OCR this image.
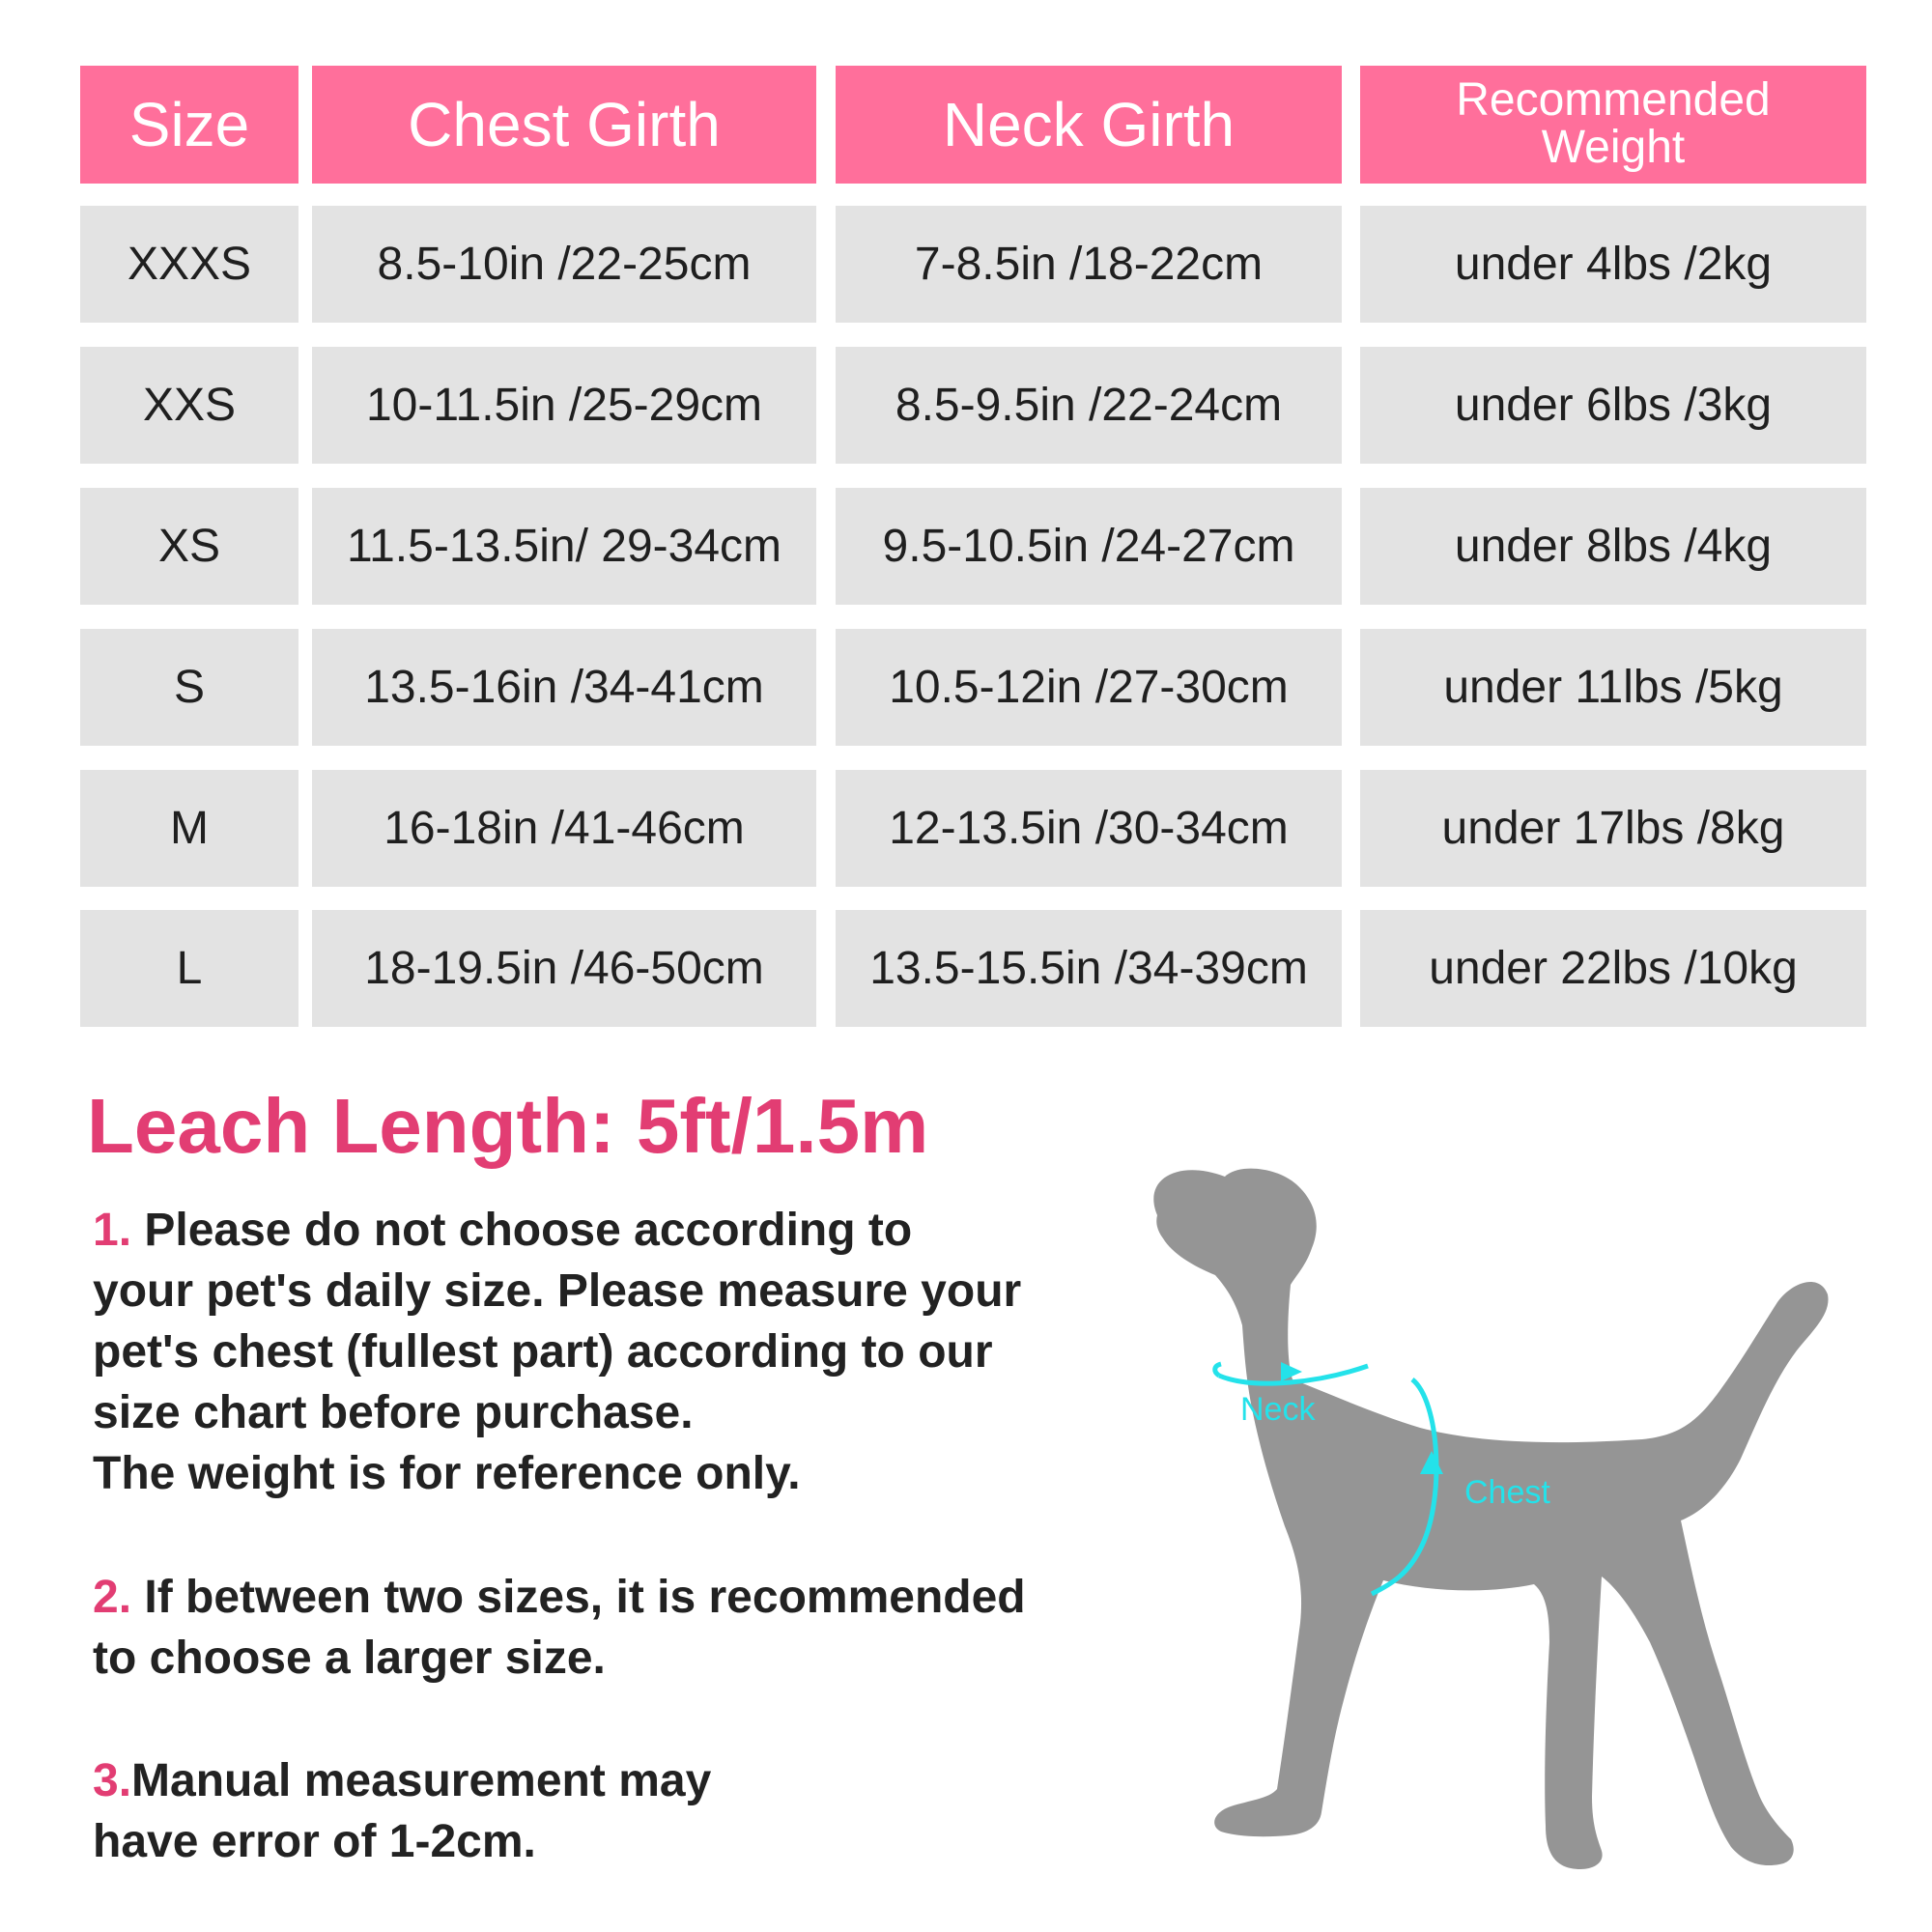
Size	Chest Girth	Neck Girth	Recommended Weight
XXXS	8.5-10in /22-25cm	7-8.5in /18-22cm	under 4lbs /2kg
XXS	10-11.5in /25-29cm	8.5-9.5in /22-24cm	under 6lbs /3kg
XS	11.5-13.5in/ 29-34cm	9.5-10.5in /24-27cm	under 8lbs /4kg
S	13.5-16in /34-41cm	10.5-12in /27-30cm	under 11lbs /5kg
M	16-18in /41-46cm	12-13.5in /30-34cm	under 17lbs /8kg
L	18-19.5in /46-50cm	13.5-15.5in /34-39cm	under 22lbs /10kg
Leach Length: 5ft/1.5m
1. Please do not choose according to
your pet's daily size. Please measure your
pet's chest (fullest part) according to our
size chart before purchase.
The weight is for reference only.
2. If between two sizes, it is recommended
to choose a larger size.
3.Manual measurement may
have error of 1-2cm.
Neck
Chest
